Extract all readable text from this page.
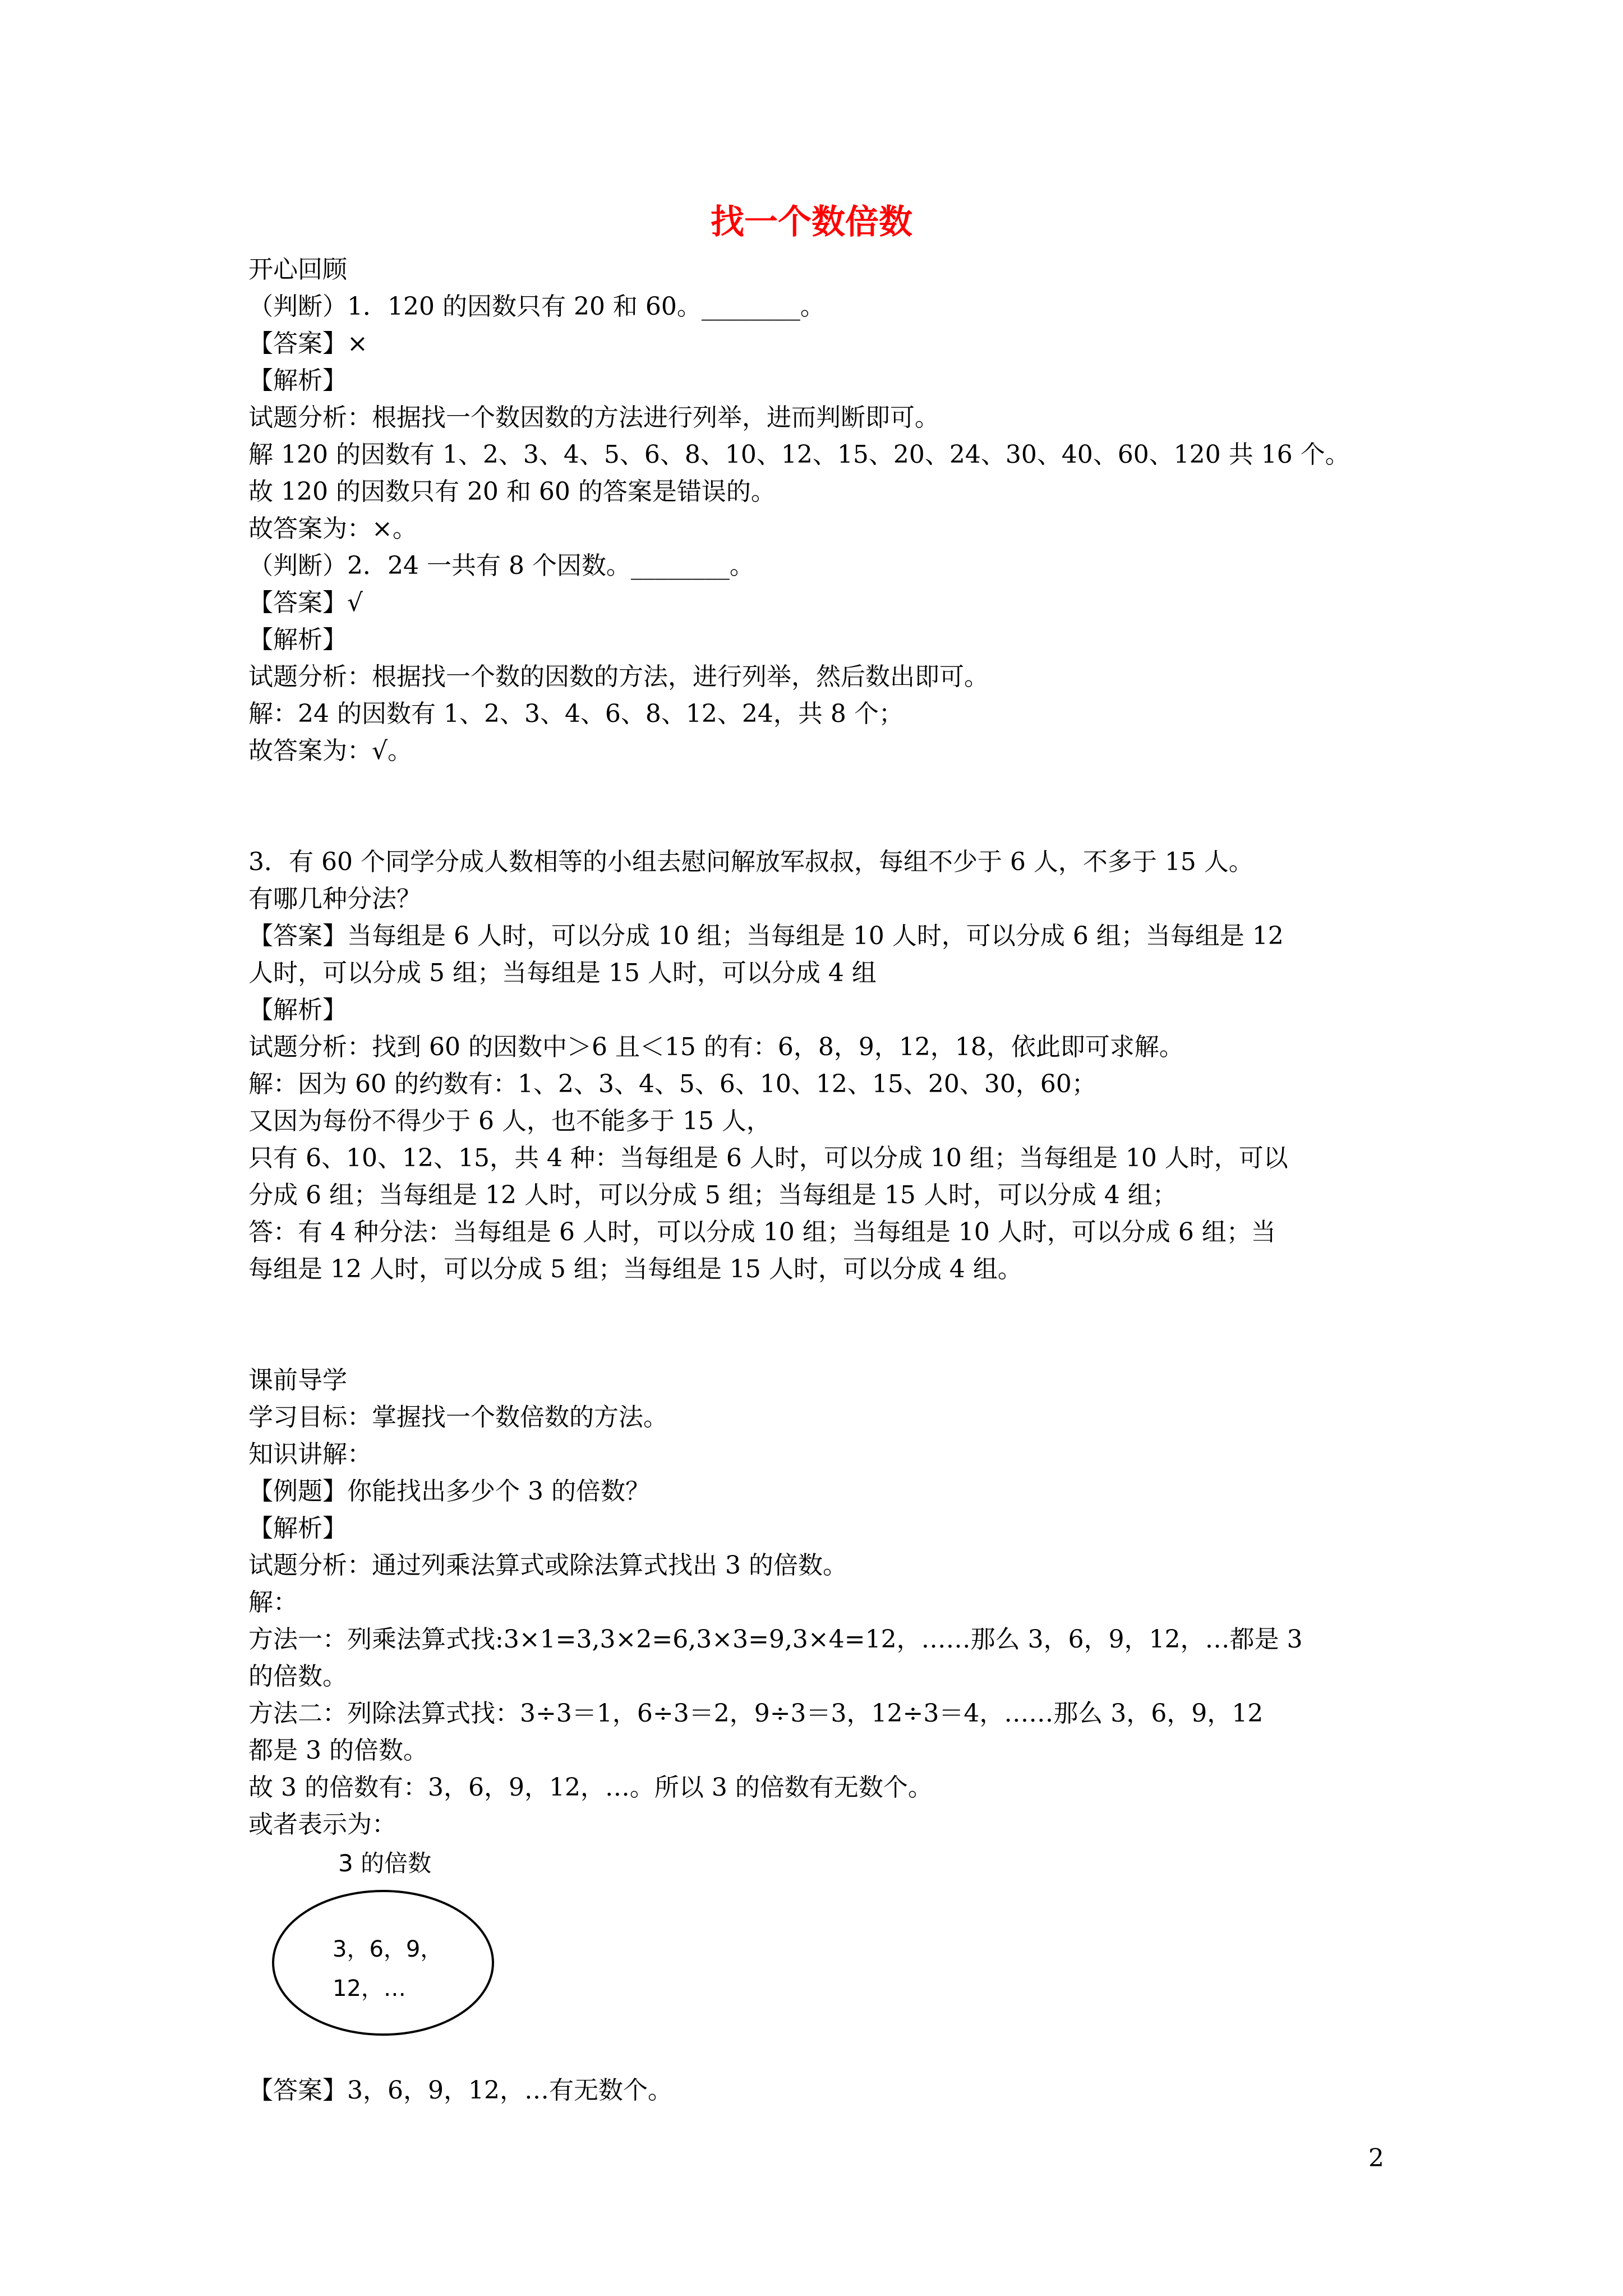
找一个数倍数
开心回顾
（判断）1．120 的因数只有 20 和 60。________。
【答案】×
【解析】
试题分析：根据找一个数因数的方法进行列举，进而判断即可。
解 120 的因数有 1、2、3、4、5、6、8、10、12、15、20、24、30、40、60、120 共 16 个。
故 120 的因数只有 20 和 60 的答案是错误的。
故答案为：×。
（判断）2．24 一共有 8 个因数。________。
【答案】√
【解析】
试题分析：根据找一个数的因数的方法，进行列举，然后数出即可。
解：24 的因数有 1、2、3、4、6、8、12、24，共 8 个；
故答案为：√。
3．有 60 个同学分成人数相等的小组去慰问解放军叔叔，每组不少于 6 人，不多于 15 人。
有哪几种分法？
【答案】当每组是 6 人时，可以分成 10 组；当每组是 10 人时，可以分成 6 组；当每组是 12
人时，可以分成 5 组；当每组是 15 人时，可以分成 4 组
【解析】
试题分析：找到 60 的因数中＞6 且＜15 的有：6，8，9，12，18，依此即可求解。
解：因为 60 的约数有：1、2、3、4、5、6、10、12、15、20、30，60；
又因为每份不得少于 6 人，也不能多于 15 人，
只有 6、10、12、15，共 4 种：当每组是 6 人时，可以分成 10 组；当每组是 10 人时，可以
分成 6 组；当每组是 12 人时，可以分成 5 组；当每组是 15 人时，可以分成 4 组；
答：有 4 种分法：当每组是 6 人时，可以分成 10 组；当每组是 10 人时，可以分成 6 组；当
每组是 12 人时，可以分成 5 组；当每组是 15 人时，可以分成 4 组。
课前导学
学习目标：掌握找一个数倍数的方法。
知识讲解：
【例题】你能找出多少个 3 的倍数？
【解析】
试题分析：通过列乘法算式或除法算式找出 3 的倍数。
解：
方法一：列乘法算式找:3×1=3,3×2=6,3×3=9,3×4=12，……那么 3，6，9，12，…都是 3
的倍数。
方法二：列除法算式找：3÷3＝1，6÷3＝2，9÷3＝3，12÷3＝4，……那么 3，6，9，12
都是 3 的倍数。
故 3 的倍数有：3，6，9，12，…。所以 3 的倍数有无数个。
或者表示为：
3 的倍数
3，6，9，
12，…
【答案】3，6，9，12，…有无数个。
2
